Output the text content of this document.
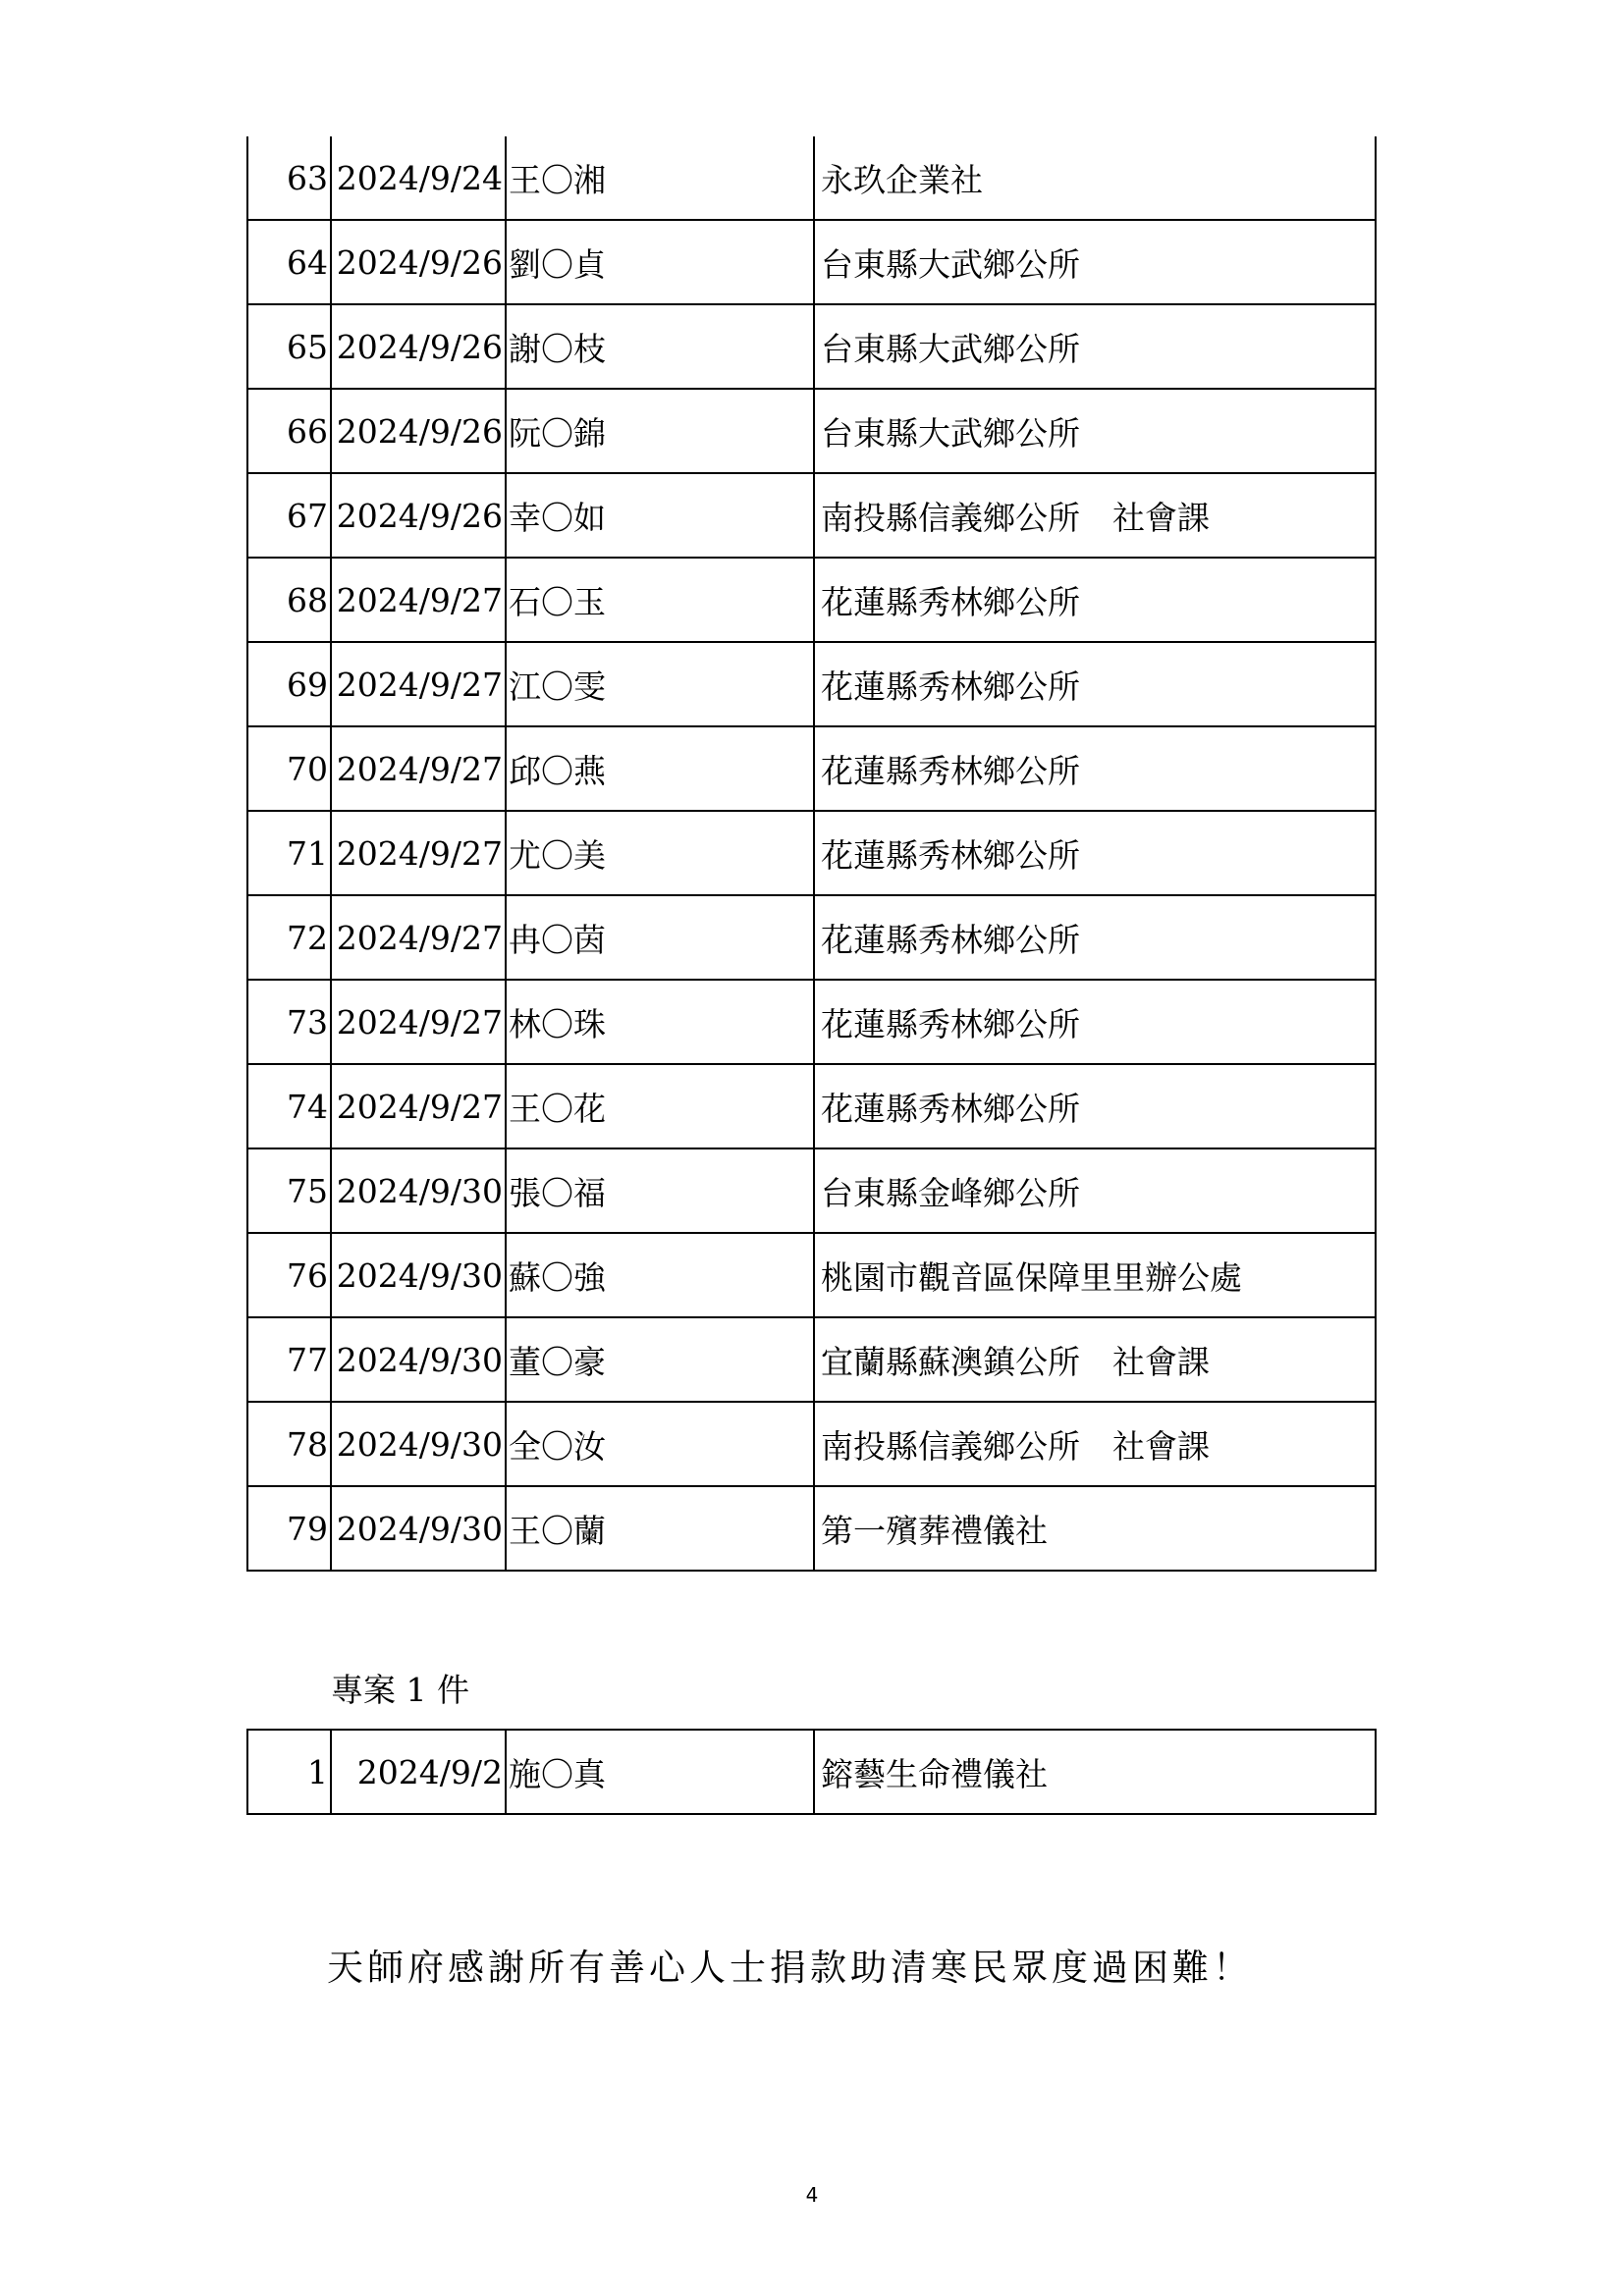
63	2024/9/24	王〇湘	永玖企業社
64	2024/9/26	劉〇貞	台東縣大武鄉公所
65	2024/9/26	謝〇枝	台東縣大武鄉公所
66	2024/9/26	阮〇錦	台東縣大武鄉公所
67	2024/9/26	幸〇如	南投縣信義鄉公所　社會課
68	2024/9/27	石〇玉	花蓮縣秀林鄉公所
69	2024/9/27	江〇雯	花蓮縣秀林鄉公所
70	2024/9/27	邱〇燕	花蓮縣秀林鄉公所
71	2024/9/27	尤〇美	花蓮縣秀林鄉公所
72	2024/9/27	冉〇茵	花蓮縣秀林鄉公所
73	2024/9/27	林〇珠	花蓮縣秀林鄉公所
74	2024/9/27	王〇花	花蓮縣秀林鄉公所
75	2024/9/30	張〇福	台東縣金峰鄉公所
76	2024/9/30	蘇〇強	桃園市觀音區保障里里辦公處
77	2024/9/30	董〇豪	宜蘭縣蘇澳鎮公所　社會課
78	2024/9/30	全〇汝	南投縣信義鄉公所　社會課
79	2024/9/30	王〇蘭	第一殯葬禮儀社

專案 1 件

1	2024/9/2	施〇真	鎔藝生命禮儀社

天師府感謝所有善心人士捐款助清寒民眾度過困難！

4
